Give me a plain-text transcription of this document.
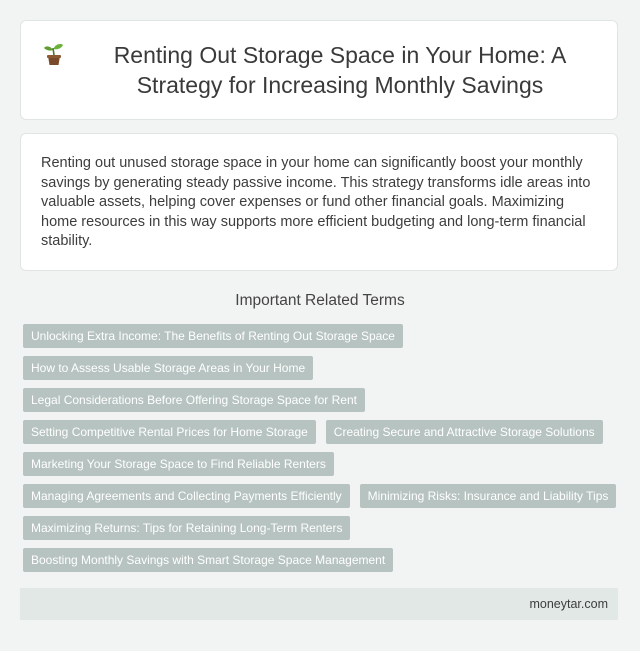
Renting Out Storage Space in Your Home: A Strategy for Increasing Monthly Savings

Renting out unused storage space in your home can significantly boost your monthly savings by generating steady passive income. This strategy transforms idle areas into valuable assets, helping cover expenses or fund other financial goals. Maximizing home resources in this way supports more efficient budgeting and long-term financial stability.

Important Related Terms
Unlocking Extra Income: The Benefits of Renting Out Storage Space
How to Assess Usable Storage Areas in Your Home
Legal Considerations Before Offering Storage Space for Rent
Setting Competitive Rental Prices for Home Storage	Creating Secure and Attractive Storage Solutions
Marketing Your Storage Space to Find Reliable Renters
Managing Agreements and Collecting Payments Efficiently	Minimizing Risks: Insurance and Liability Tips
Maximizing Returns: Tips for Retaining Long-Term Renters
Boosting Monthly Savings with Smart Storage Space Management
moneytar.com
